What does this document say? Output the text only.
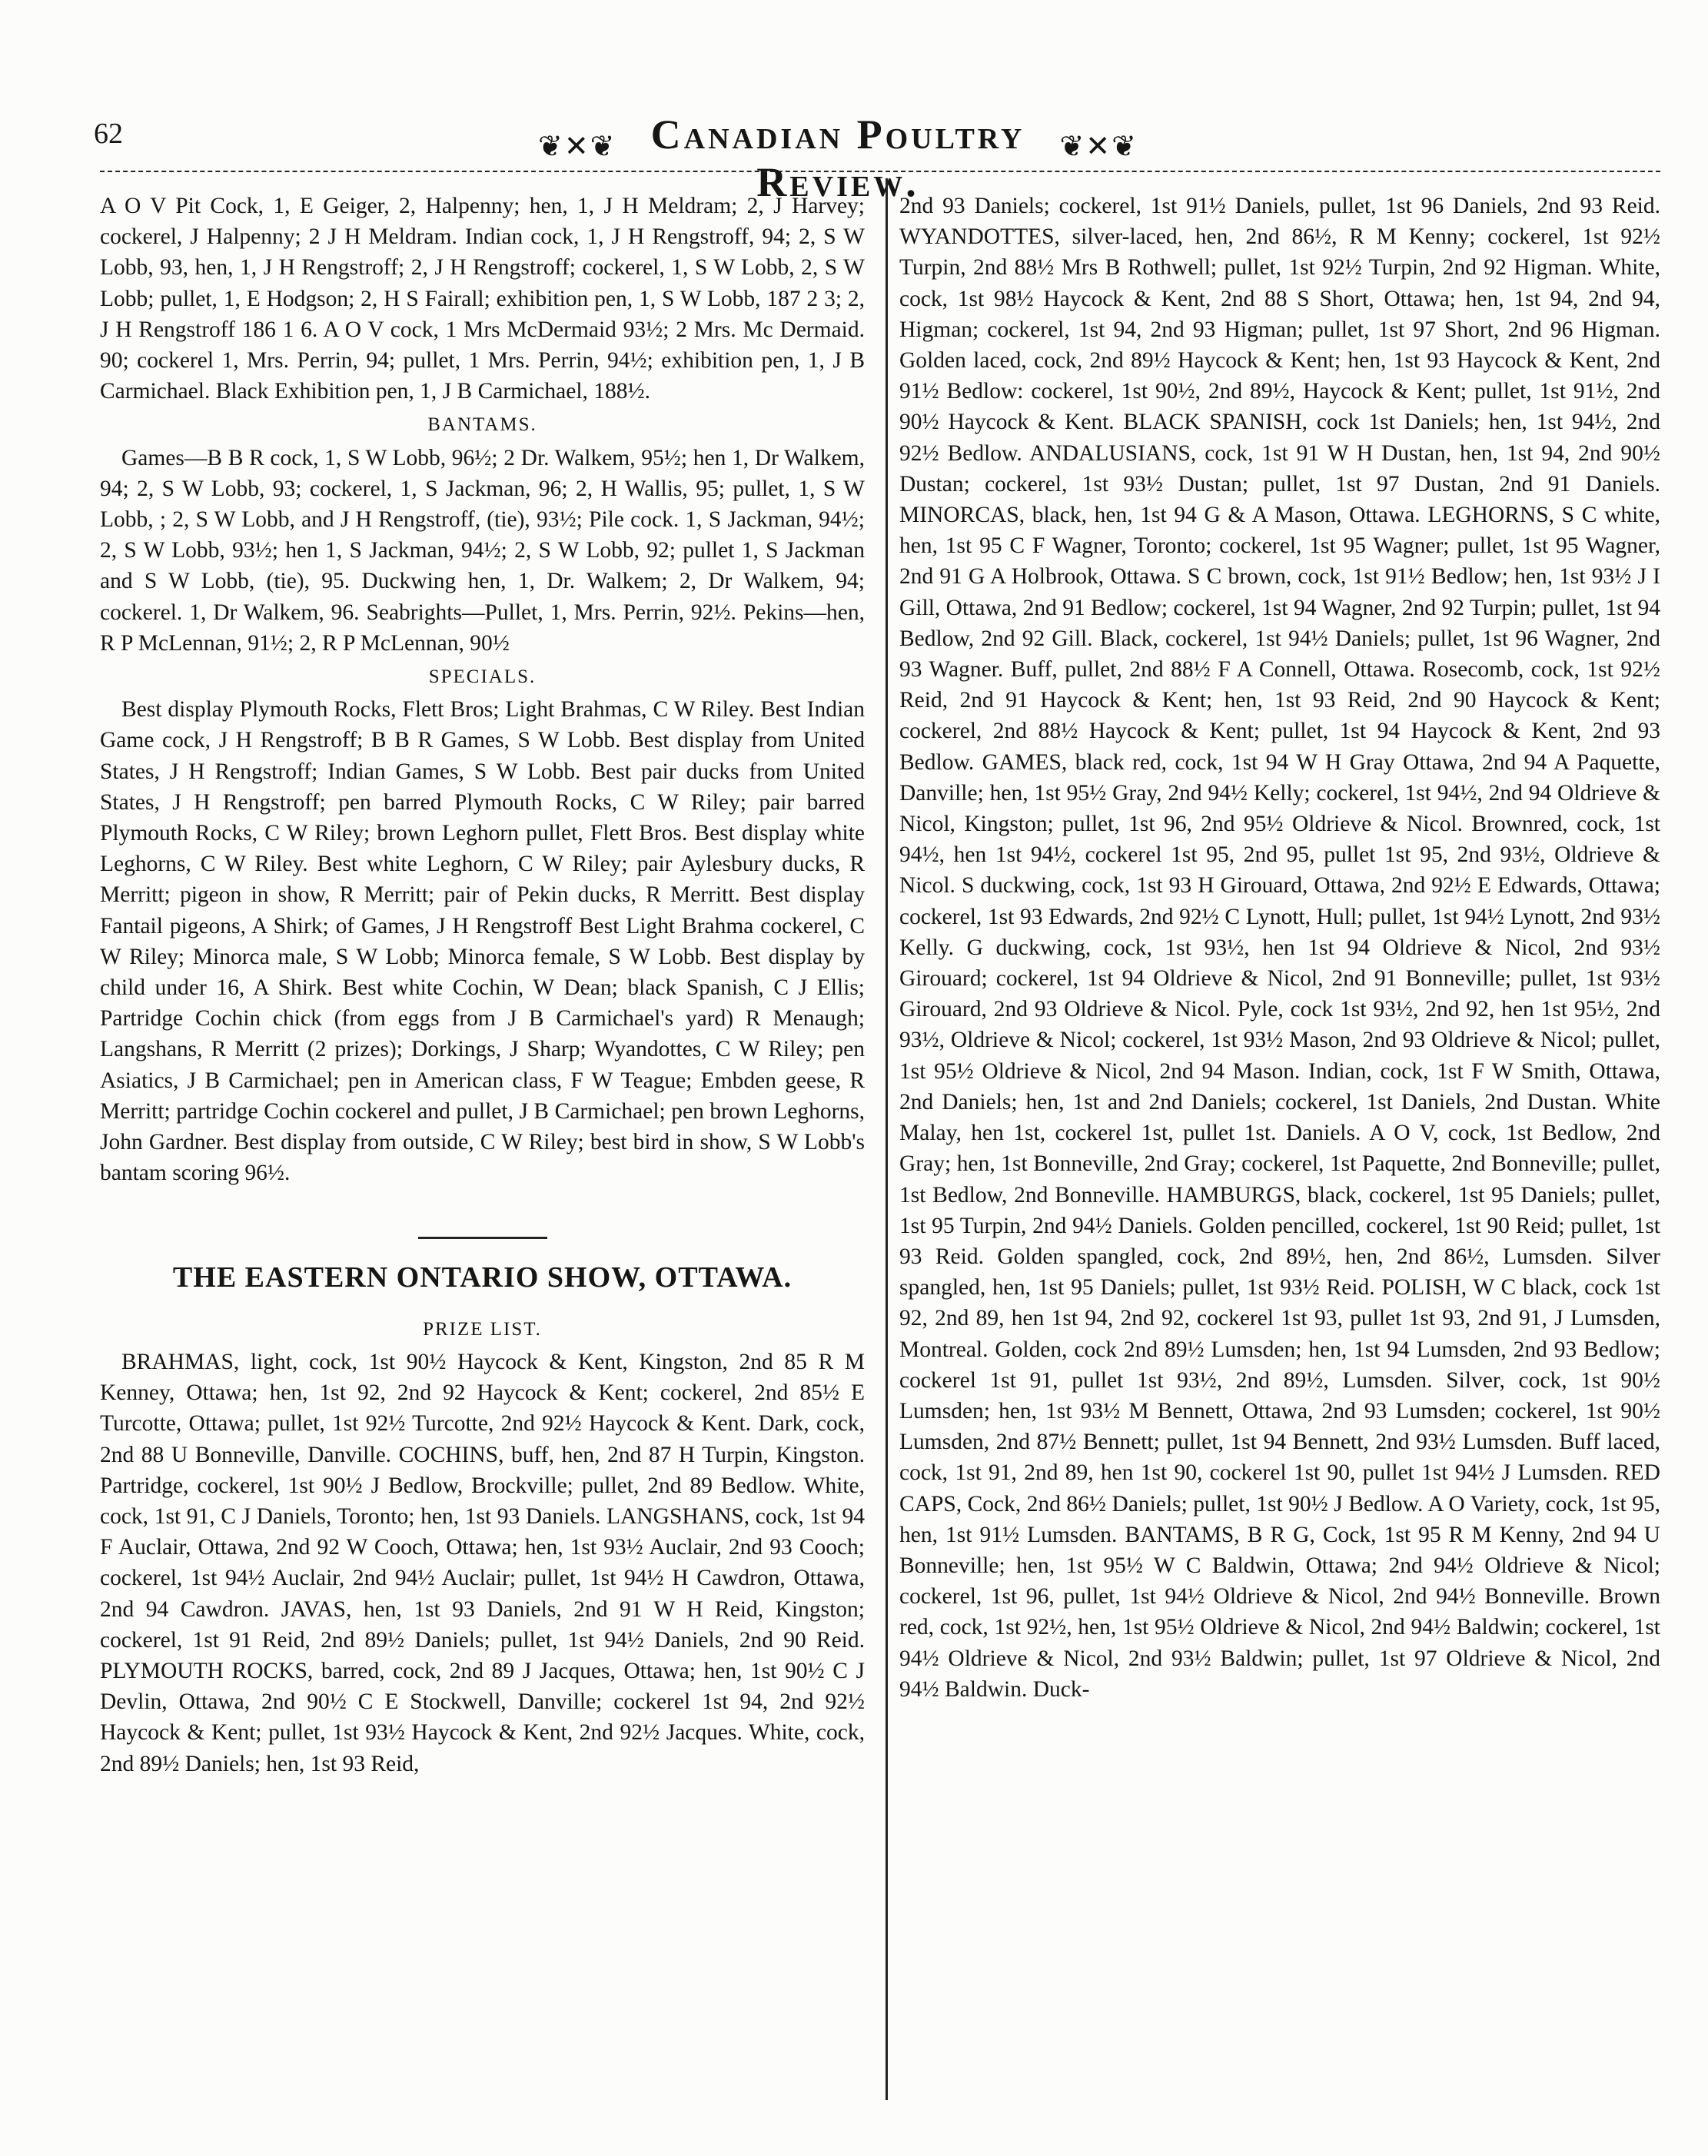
62	❦✕❦ Canadian Poultry Review.
❦✕❦

A O V Pit Cock, 1, E Geiger, 2, Halpenny; hen, 1, J H Meldram; 2, J Harvey; cockerel, J Halpenny; 2 J H Meldram. Indian cock, 1, J H Rengstroff, 94; 2, S W Lobb, 93, hen, 1, J H Rengstroff; 2, J H Rengstroff; cockerel, 1, S W Lobb, 2, S W Lobb; pullet, 1, E Hodgson; 2, H S Fairall; exhibition pen, 1, S W Lobb, 187 2 3; 2, J H Rengstroff 186 1 6. A O V cock, 1 Mrs McDermaid 93½; 2 Mrs. Mc Dermaid. 90; cockerel 1, Mrs. Perrin, 94; pullet, 1 Mrs. Perrin, 94½; exhibition pen, 1, J B Carmichael. Black Exhibition pen, 1, J B Carmichael, 188½.

BANTAMS.

Games—B B R cock, 1, S W Lobb, 96½; 2 Dr. Walkem, 95½; hen 1, Dr Walkem, 94; 2, S W Lobb, 93; cockerel, 1, S Jackman, 96; 2, H Wallis, 95; pullet, 1, S W Lobb, ; 2, S W Lobb, and J H Rengstroff, (tie), 93½; Pile cock. 1, S Jackman, 94½; 2, S W Lobb, 93½; hen 1, S Jackman, 94½; 2, S W Lobb, 92; pullet 1, S Jackman and S W Lobb, (tie), 95. Duckwing hen, 1, Dr. Walkem; 2, Dr Walkem, 94; cockerel. 1, Dr Walkem, 96. Seabrights—Pullet, 1, Mrs. Perrin, 92½. Pekins—hen, R P McLennan, 91½; 2, R P McLennan, 90½

SPECIALS.

Best display Plymouth Rocks, Flett Bros; Light Brahmas, C W Riley. Best Indian Game cock, J H Rengstroff; B B R Games, S W Lobb. Best display from United States, J H Rengstroff; Indian Games, S W Lobb. Best pair ducks from United States, J H Rengstroff; pen barred Plymouth Rocks, C W Riley; pair barred Plymouth Rocks, C W Riley; brown Leghorn pullet, Flett Bros. Best display white Leghorns, C W Riley. Best white Leghorn, C W Riley; pair Aylesbury ducks, R Merritt; pigeon in show, R Merritt; pair of Pekin ducks, R Merritt. Best display Fantail pigeons, A Shirk; of Games, J H Rengstroff Best Light Brahma cockerel, C W Riley; Minorca male, S W Lobb; Minorca female, S W Lobb. Best display by child under 16, A Shirk. Best white Cochin, W Dean; black Spanish, C J Ellis; Partridge Cochin chick (from eggs from J B Carmichael's yard) R Menaugh; Langshans, R Merritt (2 prizes); Dorkings, J Sharp; Wyandottes, C W Riley; pen Asiatics, J B Carmichael; pen in American class, F W Teague; Embden geese, R Merritt; partridge Cochin cockerel and pullet, J B Carmichael; pen brown Leghorns, John Gardner. Best display from outside, C W Riley; best bird in show, S W Lobb's bantam scoring 96½.

THE EASTERN ONTARIO SHOW, OTTAWA.
PRIZE LIST.

BRAHMAS, light, cock, 1st 90½ Haycock & Kent, Kingston, 2nd 85 R M Kenney, Ottawa; hen, 1st 92, 2nd 92 Haycock & Kent; cockerel, 2nd 85½ E Turcotte, Ottawa; pullet, 1st 92½ Turcotte, 2nd 92½ Haycock & Kent. Dark, cock, 2nd 88 U Bonneville, Danville. COCHINS, buff, hen, 2nd 87 H Turpin, Kingston. Partridge, cockerel, 1st 90½ J Bedlow, Brockville; pullet, 2nd 89 Bedlow. White, cock, 1st 91, C J Daniels, Toronto; hen, 1st 93 Daniels. LANGSHANS, cock, 1st 94 F Auclair, Ottawa, 2nd 92 W Cooch, Ottawa; hen, 1st 93½ Auclair, 2nd 93 Cooch; cockerel, 1st 94½ Auclair, 2nd 94½ Auclair; pullet, 1st 94½ H Cawdron, Ottawa, 2nd 94 Cawdron. JAVAS, hen, 1st 93 Daniels, 2nd 91 W H Reid, Kingston; cockerel, 1st 91 Reid, 2nd 89½ Daniels; pullet, 1st 94½ Daniels, 2nd 90 Reid. PLYMOUTH ROCKS, barred, cock, 2nd 89 J Jacques, Ottawa; hen, 1st 90½ C J Devlin, Ottawa, 2nd 90½ C E Stockwell, Danville; cockerel 1st 94, 2nd 92½ Haycock & Kent; pullet, 1st 93½ Haycock & Kent, 2nd 92½ Jacques. White, cock, 2nd 89½ Daniels; hen, 1st 93 Reid,

2nd 93 Daniels; cockerel, 1st 91½ Daniels, pullet, 1st 96 Daniels, 2nd 93 Reid. WYANDOTTES, silver-laced, hen, 2nd 86½, R M Kenny; cockerel, 1st 92½ Turpin, 2nd 88½ Mrs B Rothwell; pullet, 1st 92½ Turpin, 2nd 92 Higman. White, cock, 1st 98½ Haycock & Kent, 2nd 88 S Short, Ottawa; hen, 1st 94, 2nd 94, Higman; cockerel, 1st 94, 2nd 93 Higman; pullet, 1st 97 Short, 2nd 96 Higman. Golden laced, cock, 2nd 89½ Haycock & Kent; hen, 1st 93 Haycock & Kent, 2nd 91½ Bedlow: cockerel, 1st 90½, 2nd 89½, Haycock & Kent; pullet, 1st 91½, 2nd 90½ Haycock & Kent. BLACK SPANISH, cock 1st Daniels; hen, 1st 94½, 2nd 92½ Bedlow. ANDALUSIANS, cock, 1st 91 W H Dustan, hen, 1st 94, 2nd 90½ Dustan; cockerel, 1st 93½ Dustan; pullet, 1st 97 Dustan, 2nd 91 Daniels. MINORCAS, black, hen, 1st 94 G & A Mason, Ottawa. LEGHORNS, S C white, hen, 1st 95 C F Wagner, Toronto; cockerel, 1st 95 Wagner; pullet, 1st 95 Wagner, 2nd 91 G A Holbrook, Ottawa. S C brown, cock, 1st 91½ Bedlow; hen, 1st 93½ J I Gill, Ottawa, 2nd 91 Bedlow; cockerel, 1st 94 Wagner, 2nd 92 Turpin; pullet, 1st 94 Bedlow, 2nd 92 Gill. Black, cockerel, 1st 94½ Daniels; pullet, 1st 96 Wagner, 2nd 93 Wagner. Buff, pullet, 2nd 88½ F A Connell, Ottawa. Rosecomb, cock, 1st 92½ Reid, 2nd 91 Haycock & Kent; hen, 1st 93 Reid, 2nd 90 Haycock & Kent; cockerel, 2nd 88½ Haycock & Kent; pullet, 1st 94 Haycock & Kent, 2nd 93 Bedlow. GAMES, black red, cock, 1st 94 W H Gray Ottawa, 2nd 94 A Paquette, Danville; hen, 1st 95½ Gray, 2nd 94½ Kelly; cockerel, 1st 94½, 2nd 94 Oldrieve & Nicol, Kingston; pullet, 1st 96, 2nd 95½ Oldrieve & Nicol. Brownred, cock, 1st 94½, hen 1st 94½, cockerel 1st 95, 2nd 95, pullet 1st 95, 2nd 93½, Oldrieve & Nicol. S duckwing, cock, 1st 93 H Girouard, Ottawa, 2nd 92½ E Edwards, Ottawa; cockerel, 1st 93 Edwards, 2nd 92½ C Lynott, Hull; pullet, 1st 94½ Lynott, 2nd 93½ Kelly. G duckwing, cock, 1st 93½, hen 1st 94 Oldrieve & Nicol, 2nd 93½ Girouard; cockerel, 1st 94 Oldrieve & Nicol, 2nd 91 Bonneville; pullet, 1st 93½ Girouard, 2nd 93 Oldrieve & Nicol. Pyle, cock 1st 93½, 2nd 92, hen 1st 95½, 2nd 93½, Oldrieve & Nicol; cockerel, 1st 93½ Mason, 2nd 93 Oldrieve & Nicol; pullet, 1st 95½ Oldrieve & Nicol, 2nd 94 Mason. Indian, cock, 1st F W Smith, Ottawa, 2nd Daniels; hen, 1st and 2nd Daniels; cockerel, 1st Daniels, 2nd Dustan. White Malay, hen 1st, cockerel 1st, pullet 1st. Daniels. A O V, cock, 1st Bedlow, 2nd Gray; hen, 1st Bonneville, 2nd Gray; cockerel, 1st Paquette, 2nd Bonneville; pullet, 1st Bedlow, 2nd Bonneville. HAMBURGS, black, cockerel, 1st 95 Daniels; pullet, 1st 95 Turpin, 2nd 94½ Daniels. Golden pencilled, cockerel, 1st 90 Reid; pullet, 1st 93 Reid. Golden spangled, cock, 2nd 89½, hen, 2nd 86½, Lumsden. Silver spangled, hen, 1st 95 Daniels; pullet, 1st 93½ Reid. POLISH, W C black, cock 1st 92, 2nd 89, hen 1st 94, 2nd 92, cockerel 1st 93, pullet 1st 93, 2nd 91, J Lumsden, Montreal. Golden, cock 2nd 89½ Lumsden; hen, 1st 94 Lumsden, 2nd 93 Bedlow; cockerel 1st 91, pullet 1st 93½, 2nd 89½, Lumsden. Silver, cock, 1st 90½ Lumsden; hen, 1st 93½ M Bennett, Ottawa, 2nd 93 Lumsden; cockerel, 1st 90½ Lumsden, 2nd 87½ Bennett; pullet, 1st 94 Bennett, 2nd 93½ Lumsden. Buff laced, cock, 1st 91, 2nd 89, hen 1st 90, cockerel 1st 90, pullet 1st 94½ J Lumsden. RED CAPS, Cock, 2nd 86½ Daniels; pullet, 1st 90½ J Bedlow. A O Variety, cock, 1st 95, hen, 1st 91½ Lumsden. BANTAMS, B R G, Cock, 1st 95 R M Kenny, 2nd 94 U Bonneville; hen, 1st 95½ W C Baldwin, Ottawa; 2nd 94½ Oldrieve & Nicol; cockerel, 1st 96, pullet, 1st 94½ Oldrieve & Nicol, 2nd 94½ Bonneville. Brown red, cock, 1st 92½, hen, 1st 95½ Oldrieve & Nicol, 2nd 94½ Baldwin; cockerel, 1st 94½ Oldrieve & Nicol, 2nd 93½ Baldwin; pullet, 1st 97 Oldrieve & Nicol, 2nd 94½ Baldwin. Duck-
